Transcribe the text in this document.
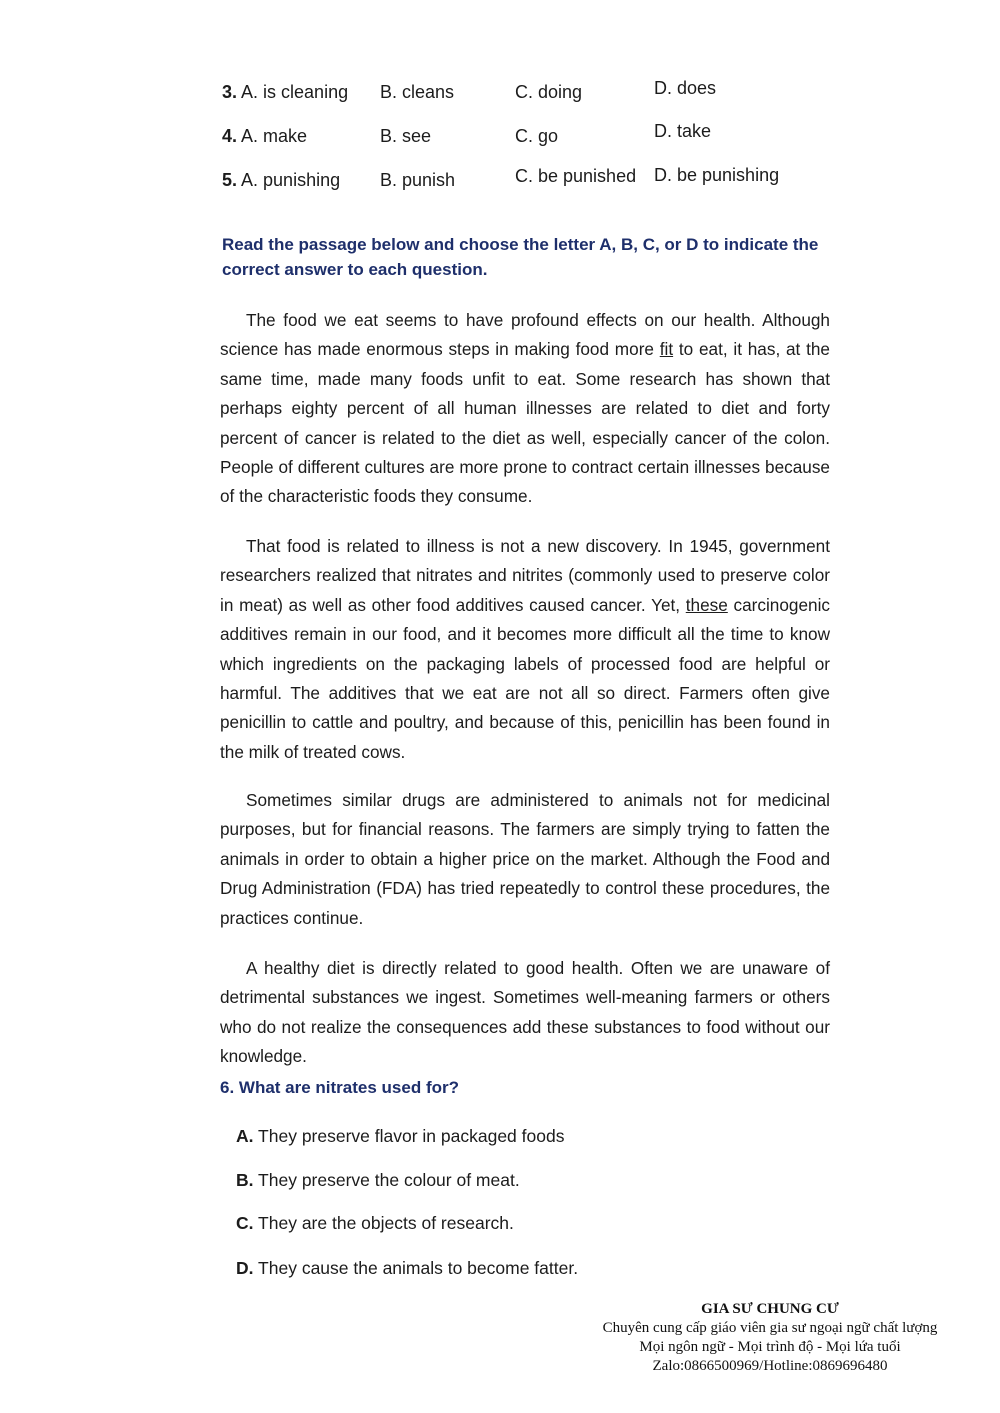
3. A. is cleaning B. cleans	C. doing	D. does
4. A. make	B. see	C. go	D. take
5. A. punishing B. punish	C. be punished D. be punishing
Read the passage below and choose the letter A, B, C, or D to indicate the correct answer to each question.

The food we eat seems to have profound effects on our health. Although science has made enormous steps in making food more fit to eat, it has, at the same time, made many foods unfit to eat. Some research has shown that perhaps eighty percent of all human illnesses are related to diet and forty percent of cancer is related to the diet as well, especially cancer of the colon. People of different cultures are more prone to contract certain illnesses because of the characteristic foods they consume.

That food is related to illness is not a new discovery. In 1945, government researchers realized that nitrates and nitrites (commonly used to preserve color in meat) as well as other food additives caused cancer. Yet, these carcinogenic additives remain in our food, and it becomes more difficult all the time to know which ingredients on the packaging labels of processed food are helpful or harmful. The additives that we eat are not all so direct. Farmers often give penicillin to cattle and poultry, and because of this, penicillin has been found in the milk of treated cows.

Sometimes similar drugs are administered to animals not for medicinal purposes, but for financial reasons. The farmers are simply trying to fatten the animals in order to obtain a higher price on the market. Although the Food and Drug Administration (FDA) has tried repeatedly to control these procedures, the practices continue.

A healthy diet is directly related to good health. Often we are unaware of detrimental substances we ingest. Sometimes well-meaning farmers or others who do not realize the consequences add these substances to food without our knowledge.

6. What are nitrates used for?
A. They preserve flavor in packaged foods
B. They preserve the colour of meat.
C. They are the objects of research.
D. They cause the animals to become fatter.
GIA SƯ CHUNG CƯ
Chuyên cung cấp giáo viên gia sư ngoại ngữ chất lượng
Mọi ngôn ngữ - Mọi trình độ - Mọi lứa tuổi
Zalo:0866500969/Hotline:0869696480
